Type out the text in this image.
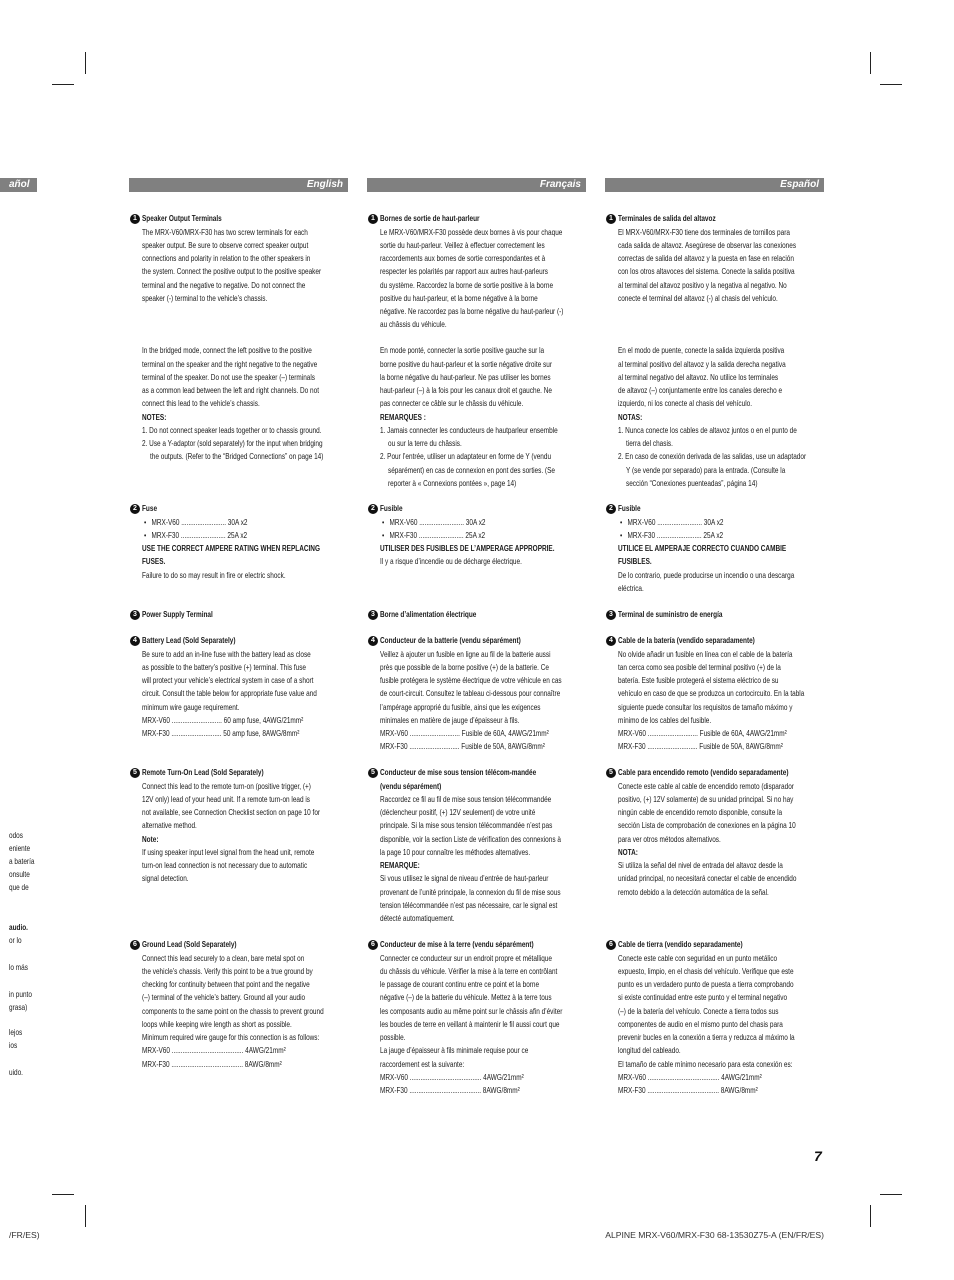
añol
odos
eniente
a batería
onsulte
que de
audio.
or lo
lo más
in punto
grasa)
lejos
ios
uido.
/FR/ES)
English
1 Speaker Output Terminals
The MRX-V60/MRX-F30 has two screw terminals for each
speaker output. Be sure to observe correct speaker output
connections and polarity in relation to the other speakers in
the system. Connect the positive output to the positive speaker
terminal and the negative to negative. Do not connect the
speaker (-) terminal to the vehicle’s chassis.
In the bridged mode, connect the left positive to the positive
terminal on the speaker and the right negative to the negative
terminal of the speaker. Do not use the speaker (–) terminals
as a common lead between the left and right channels. Do not
connect this lead to the vehicle’s chassis.
NOTES:
1. Do not connect speaker leads together or to chassis ground.
2. Use a Y-adaptor (sold separately) for the input when bridging
the outputs. (Refer to the “Bridged Connections” on page 14)
2 Fuse
• MRX-V60 ......................... 30A x2
• MRX-F30 ......................... 25A x2
USE THE CORRECT AMPERE RATING WHEN REPLACING
FUSES.
Failure to do so may result in fire or electric shock.
3 Power Supply Terminal
4 Battery Lead (Sold Separately)
Be sure to add an in-line fuse with the battery lead as close
as possible to the battery’s positive (+) terminal. This fuse
will protect your vehicle’s electrical system in case of a short
circuit. Consult the table below for appropriate fuse value and
minimum wire gauge requirement.
MRX-V60 ............................ 60 amp fuse, 4AWG/21mm²
MRX-F30 ............................ 50 amp fuse, 8AWG/8mm²
5 Remote Turn-On Lead (Sold Separately)
Connect this lead to the remote turn-on (positive trigger, (+)
12V only) lead of your head unit. If a remote turn-on lead is
not available, see Connection Checklist section on page 10 for
alternative method.
Note:
If using speaker input level signal from the head unit, remote
turn-on lead connection is not necessary due to automatic
signal detection.
6 Ground Lead (Sold Separately)
Connect this lead securely to a clean, bare metal spot on
the vehicle’s chassis. Verify this point to be a true ground by
checking for continuity between that point and the negative
(–) terminal of the vehicle’s battery. Ground all your audio
components to the same point on the chassis to prevent ground
loops while keeping wire length as short as possible.
Minimum required wire gauge for this connection is as follows:
MRX-V60 ........................................ 4AWG/21mm²
MRX-F30 ........................................ 8AWG/8mm²
Français
1 Bornes de sortie de haut-parleur
Le MRX-V60/MRX-F30 possède deux bornes à vis pour chaque
sortie du haut-parleur. Veillez à effectuer correctement les
raccordements aux bornes de sortie correspondantes et à
respecter les polarités par rapport aux autres haut-parleurs
du système. Raccordez la borne de sortie positive à la borne
positive du haut-parleur, et la borne négative à la borne
négative. Ne raccordez pas la borne négative du haut-parleur (-)
au châssis du véhicule.
En mode ponté, connecter la sortie positive gauche sur la
borne positive du haut-parleur et la sortie négative droite sur
la borne négative du haut-parleur. Ne pas utiliser les bornes
haut-parleur (–) à la fois pour les canaux droit et gauche. Ne
pas connecter ce câble sur le châssis du véhicule.
REMARQUES :
1. Jamais connecter les conducteurs de hautparleur ensemble
ou sur la terre du châssis.
2. Pour l’entrée, utiliser un adaptateur en forme de Y (vendu
séparément) en cas de connexion en pont des sorties. (Se
reporter à « Connexions pontées », page 14)
2 Fusible
• MRX-V60 ......................... 30A x2
• MRX-F30 ......................... 25A x2
UTILISER DES FUSIBLES DE L’AMPERAGE APPROPRIE.
Il y a risque d’incendie ou de décharge électrique.
3 Borne d’alimentation électrique
4 Conducteur de la batterie (vendu séparément)
Veillez à ajouter un fusible en ligne au fil de la batterie aussi
près que possible de la borne positive (+) de la batterie. Ce
fusible protégera le système électrique de votre véhicule en cas
de court-circuit. Consultez le tableau ci-dessous pour connaître
l’ampérage approprié du fusible, ainsi que les exigences
minimales en matière de jauge d’épaisseur à fils.
MRX-V60 ............................ Fusible de 60A, 4AWG/21mm²
MRX-F30 ............................ Fusible de 50A, 8AWG/8mm²
5 Conducteur de mise sous tension télécom-mandée
(vendu séparément)
Raccordez ce fil au fil de mise sous tension télécommandée
(déclencheur positif, (+) 12V seulement) de votre unité
principale. Si la mise sous tension télécommandée n’est pas
disponible, voir la section Liste de vérification des connexions à
la page 10 pour connaître les méthodes alternatives.
REMARQUE:
Si vous utilisez le signal de niveau d’entrée de haut-parleur
provenant de l’unité principale, la connexion du fil de mise sous
tension télécommandée n’est pas nécessaire, car le signal est
détecté automatiquement.
6 Conducteur de mise à la terre (vendu séparément)
Connecter ce conducteur sur un endroit propre et métallique
du châssis du véhicule. Vérifier la mise à la terre en contrôlant
le passage de courant continu entre ce point et la borne
négative (–) de la batterie du véhicule. Mettez à la terre tous
les composants audio au même point sur le châssis afin d’éviter
les boucles de terre en veillant à maintenir le fil aussi court que
possible.
La jauge d’épaisseur à fils minimale requise pour ce
raccordement est la suivante:
MRX-V60 ........................................ 4AWG/21mm²
MRX-F30 ........................................ 8AWG/8mm²
Español
1 Terminales de salida del altavoz
El MRX-V60/MRX-F30 tiene dos terminales de tornillos para
cada salida de altavoz. Asegúrese de observar las conexiones
correctas de salida del altavoz y la puesta en fase en relación
con los otros altavoces del sistema. Conecte la salida positiva
al terminal del altavoz positivo y la negativa al negativo. No
conecte el terminal del altavoz (-) al chasis del vehículo.
En el modo de puente, conecte la salida izquierda positiva
al terminal positivo del altavoz y la salida derecha negativa
al terminal negativo del altavoz. No utilice los terminales
de altavoz (–) conjuntamente entre los canales derecho e
izquierdo, ni los conecte al chasis del vehículo.
NOTAS:
1. Nunca conecte los cables de altavoz juntos o en el punto de
tierra del chasis.
2. En caso de conexión derivada de las salidas, use un adaptador
Y (se vende por separado) para la entrada. (Consulte la
sección “Conexiones puenteadas”, página 14)
2 Fusible
• MRX-V60 ......................... 30A x2
• MRX-F30 ......................... 25A x2
UTILICE EL AMPERAJE CORRECTO CUANDO CAMBIE
FUSIBLES.
De lo contrario, puede producirse un incendio o una descarga
eléctrica.
3 Terminal de suministro de energía
4 Cable de la batería (vendido separadamente)
No olvide añadir un fusible en línea con el cable de la batería
tan cerca como sea posible del terminal positivo (+) de la
batería. Este fusible protegerá el sistema eléctrico de su
vehículo en caso de que se produzca un cortocircuito. En la tabla
siguiente puede consultar los requisitos de tamaño máximo y
mínimo de los cables del fusible.
MRX-V60 ............................ Fusible de 60A, 4AWG/21mm²
MRX-F30 ............................ Fusible de 50A, 8AWG/8mm²
5 Cable para encendido remoto (vendido separadamente)
Conecte este cable al cable de encendido remoto (disparador
positivo, (+) 12V solamente) de su unidad principal. Si no hay
ningún cable de encendido remoto disponible, consulte la
sección Lista de comprobación de conexiones en la página 10
para ver otros métodos alternativos.
NOTA:
Si utiliza la señal del nivel de entrada del altavoz desde la
unidad principal, no necesitará conectar el cable de encendido
remoto debido a la detección automática de la señal.
6 Cable de tierra (vendido separadamente)
Conecte este cable con seguridad en un punto metálico
expuesto, limpio, en el chasis del vehículo. Verifique que este
punto es un verdadero punto de puesta a tierra comprobando
si existe continuidad entre este punto y el terminal negativo
(–) de la batería del vehículo. Conecte a tierra todos sus
componentes de audio en el mismo punto del chasis para
prevenir bucles en la conexión a tierra y reduzca al máximo la
longitud del cableado.
El tamaño de cable mínimo necesario para esta conexión es:
MRX-V60 ........................................ 4AWG/21mm²
MRX-F30 ........................................ 8AWG/8mm²
7
ALPINE MRX-V60/MRX-F30 68-13530Z75-A (EN/FR/ES)
